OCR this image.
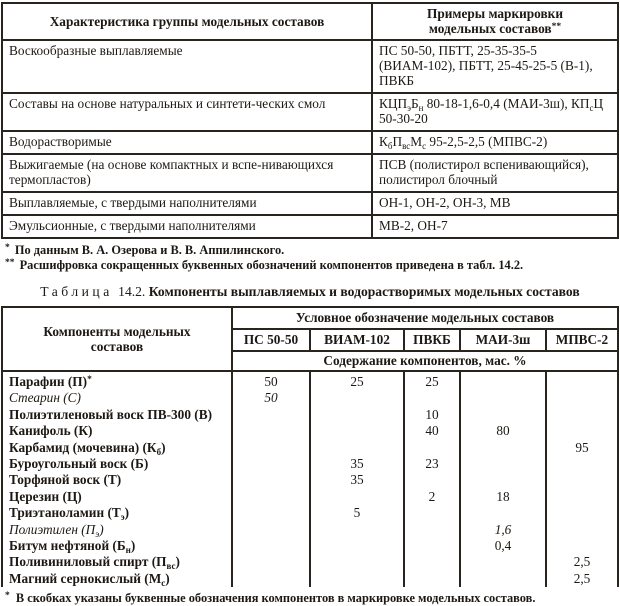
Характеристика группы модельных составов	Примеры маркировки модельных составов**
Воскообразные выплавляемые	ПС 50-50, ПБТТ, 25-35-35-5 (ВИАМ-102), ПБТТ, 25-45-25-5 (В-1), ПВКБ
Составы на основе натуральных и синтети-ческих смол	$КЦП_эБ_н$ 80-18-1,6-0,4 (МАИ-3ш), $КП_сЦ$ 50-30-20
Водорастворимые	$К_бП_{вс}М_с$ 95-2,5-2,5 (МПВС-2)
Выжигаемые (на основе компактных и вспе-нивающихся термопластов)	ПСВ (полистирол вспенивающийся), полистирол блочный
Выплавляемые, с твердыми наполнителями	ОН-1, ОН-2, ОН-3, МВ
Эмульсионные, с твердыми наполнителями	МВ-2, ОН-7
* По данным В. А. Озерова и В. В. Аппилинского.
** Расшифровка сокращенных буквенных обозначений компонентов приведена в табл. 14.2.
Таблица 14.2. Компоненты выплавляемых и водорастворимых модельных составов
Компоненты модельных составов	Условное обозначение модельных составов				
	ПС 50-50	ВИАМ-102	ПВКБ	МАИ-3ш	МПВС-2
	Содержание компонентов, мас. %				
Парафин (П)*	50	25	25		
Стеарин (С)	50				
Полиэтиленовый воск ПВ-300 (В)			10		
Канифоль (К)			40	80	
Карбамид (мочевина) $(К_б)$					95
Буроугольный воск (Б)		35	23		
Торфяной воск (Т)		35			
Церезин (Ц)			2	18	
Триэтаноламин $(Т_э)$		5			
Полиэтилен $(П_э)$				1,6	
Битум нефтяной $(Б_н)$				0,4	
Поливиниловый спирт $(П_{вс})$					2,5
Магний сернокислый $(М_с)$					2,5
* В скобках указаны буквенные обозначения компонентов в маркировке модельных составов.
